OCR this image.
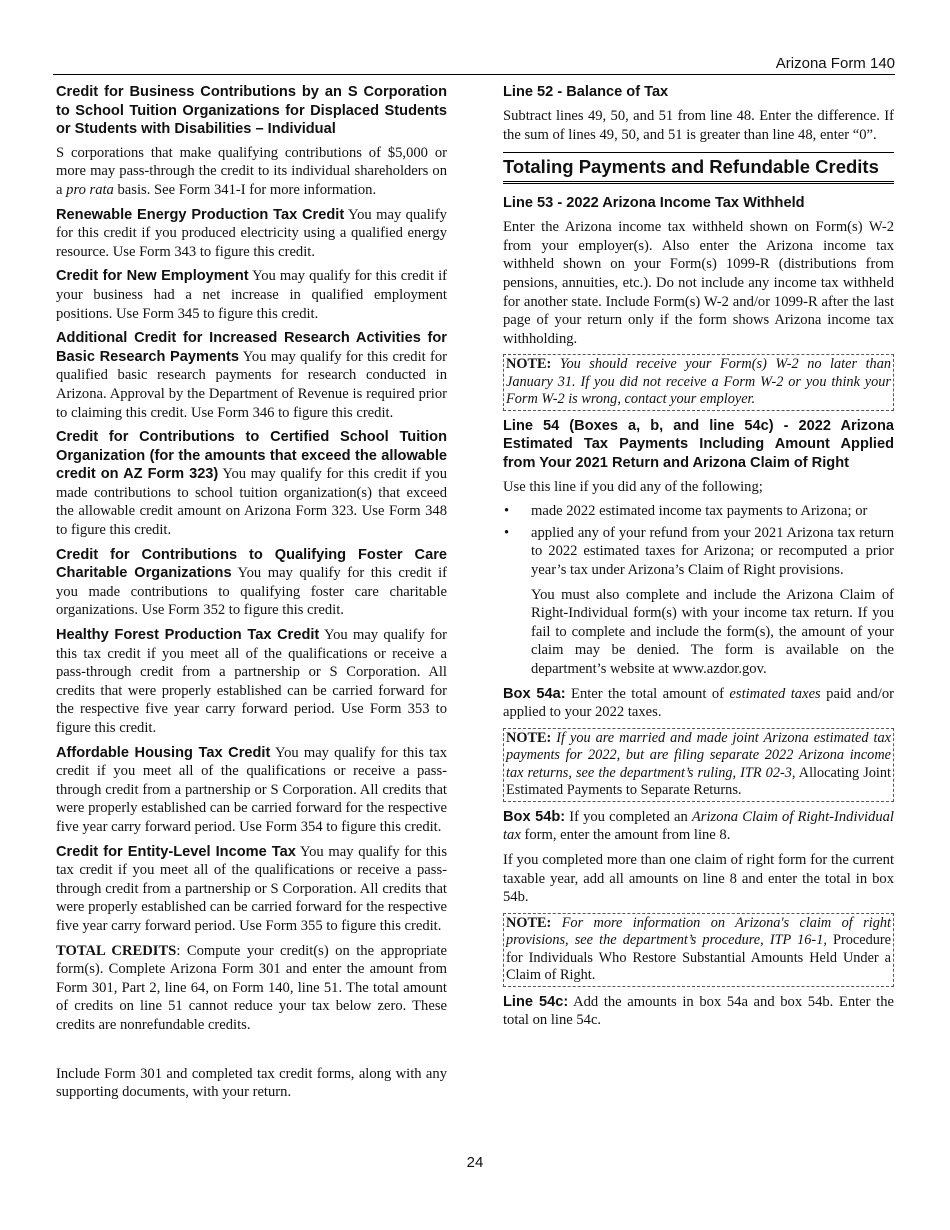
Arizona Form 140
Credit for Business Contributions by an S Corporation to School Tuition Organizations for Displaced Students or Students with Disabilities – Individual

S corporations that make qualifying contributions of $5,000 or more may pass-through the credit to its individual shareholders on a pro rata basis. See Form 341-I for more information.

Renewable Energy Production Tax Credit You may qualify for this credit if you produced electricity using a qualified energy resource. Use Form 343 to figure this credit.

Credit for New Employment You may qualify for this credit if your business had a net increase in qualified employment positions. Use Form 345 to figure this credit.

Additional Credit for Increased Research Activities for Basic Research Payments You may qualify for this credit for qualified basic research payments for research conducted in Arizona. Approval by the Department of Revenue is required prior to claiming this credit. Use Form 346 to figure this credit.

Credit for Contributions to Certified School Tuition Organization (for the amounts that exceed the allowable credit on AZ Form 323) You may qualify for this credit if you made contributions to school tuition organization(s) that exceed the allowable credit amount on Arizona Form 323. Use Form 348 to figure this credit.

Credit for Contributions to Qualifying Foster Care Charitable Organizations You may qualify for this credit if you made contributions to qualifying foster care charitable organizations. Use Form 352 to figure this credit.

Healthy Forest Production Tax Credit You may qualify for this tax credit if you meet all of the qualifications or receive a pass-through credit from a partnership or S Corporation. All credits that were properly established can be carried forward for the respective five year carry forward period. Use Form 353 to figure this credit.

Affordable Housing Tax Credit You may qualify for this tax credit if you meet all of the qualifications or receive a pass-through credit from a partnership or S Corporation. All credits that were properly established can be carried forward for the respective five year carry forward period. Use Form 354 to figure this credit.

Credit for Entity-Level Income Tax You may qualify for this tax credit if you meet all of the qualifications or receive a pass-through credit from a partnership or S Corporation. All credits that were properly established can be carried forward for the respective five year carry forward period. Use Form 355 to figure this credit.

TOTAL CREDITS: Compute your credit(s) on the appropriate form(s). Complete Arizona Form 301 and enter the amount from Form 301, Part 2, line 64, on Form 140, line 51. The total amount of credits on line 51 cannot reduce your tax below zero. These credits are nonrefundable credits.

Include Form 301 and completed tax credit forms, along with any supporting documents, with your return.

Line 52 - Balance of Tax

Subtract lines 49, 50, and 51 from line 48. Enter the difference. If the sum of lines 49, 50, and 51 is greater than line 48, enter “0”.

Totaling Payments and Refundable Credits
Line 53 - 2022 Arizona Income Tax Withheld

Enter the Arizona income tax withheld shown on Form(s) W-2 from your employer(s). Also enter the Arizona income tax withheld shown on your Form(s) 1099-R (distributions from pensions, annuities, etc.). Do not include any income tax withheld for another state. Include Form(s) W-2 and/or 1099-R after the last page of your return only if the form shows Arizona income tax withholding.

NOTE: You should receive your Form(s) W-2 no later than January 31. If you did not receive a Form W-2 or you think your Form W-2 is wrong, contact your employer.
Line 54 (Boxes a, b, and line 54c) - 2022 Arizona Estimated Tax Payments Including Amount Applied from Your 2021 Return and Arizona Claim of Right

Use this line if you did any of the following;

• made 2022 estimated income tax payments to Arizona; or
• applied any of your refund from your 2021 Arizona tax return to 2022 estimated taxes for Arizona; or recomputed a prior year’s tax under Arizona’s Claim of Right provisions.

You must also complete and include the Arizona Claim of Right-Individual form(s) with your income tax return. If you fail to complete and include the form(s), the amount of your claim may be denied. The form is available on the department’s website at www.azdor.gov.

Box 54a: Enter the total amount of estimated taxes paid and/or applied to your 2022 taxes.

NOTE: If you are married and made joint Arizona estimated tax payments for 2022, but are filing separate 2022 Arizona income tax returns, see the department’s ruling, ITR 02-3, Allocating Joint Estimated Payments to Separate Returns.

Box 54b: If you completed an Arizona Claim of Right-Individual tax form, enter the amount from line 8.

If you completed more than one claim of right form for the current taxable year, add all amounts on line 8 and enter the total in box 54b.

NOTE: For more information on Arizona's claim of right provisions, see the department’s procedure, ITP 16-1, Procedure for Individuals Who Restore Substantial Amounts Held Under a Claim of Right.

Line 54c: Add the amounts in box 54a and box 54b. Enter the total on line 54c.

24
